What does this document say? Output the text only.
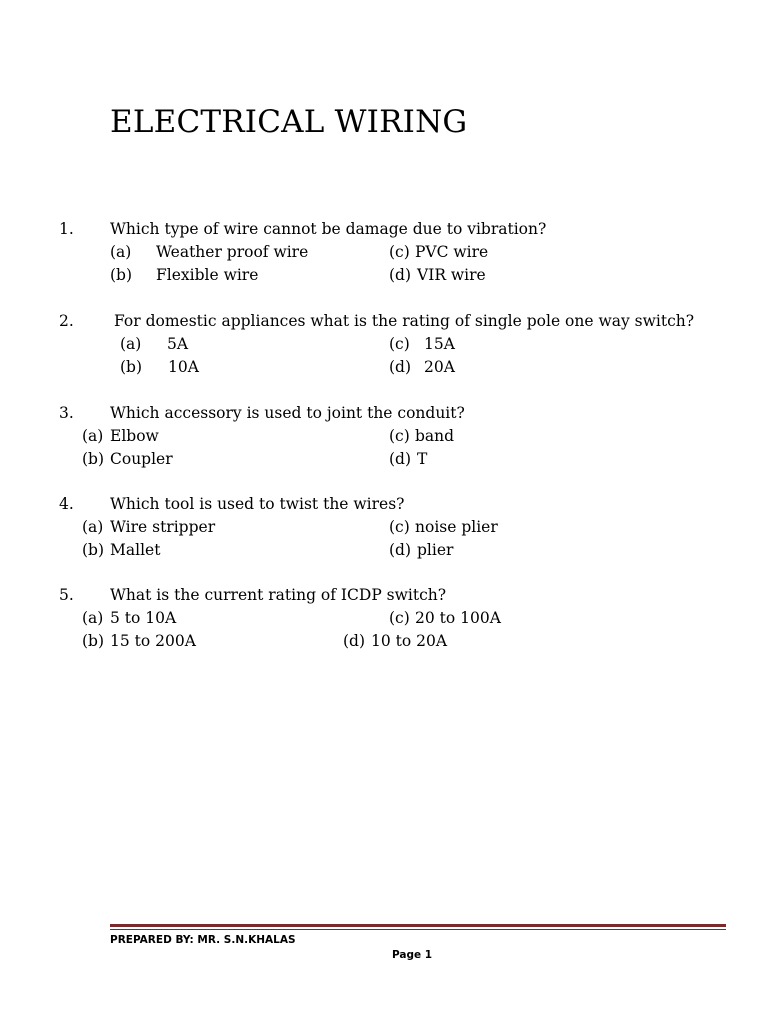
ELECTRICAL WIRING
1. Which type of wire cannot be damage due to vibration?
(a) Weather proof wire
(b) Flexible wire
(c) PVC wire
(d) VIR wire
2.	For domestic appliances what is the rating of single pole one way switch?
(a) 5A
(b) 10A
(c) 15A
(d) 20A
3. Which accessory is used to joint the conduit?
(a) Elbow
(b) Coupler
(c) band
(d) T
4. Which tool is used to twist the wires?
(a) Wire stripper
(b) Mallet
(c) noise plier
(d) plier
5. What is the current rating of ICDP switch?
(a) 5 to 10A
(b) 15 to 200A
(c) 20 to 100A
(d) 10 to 20A
PREPARED BY: MR. S.N.KHALAS
Page 1
